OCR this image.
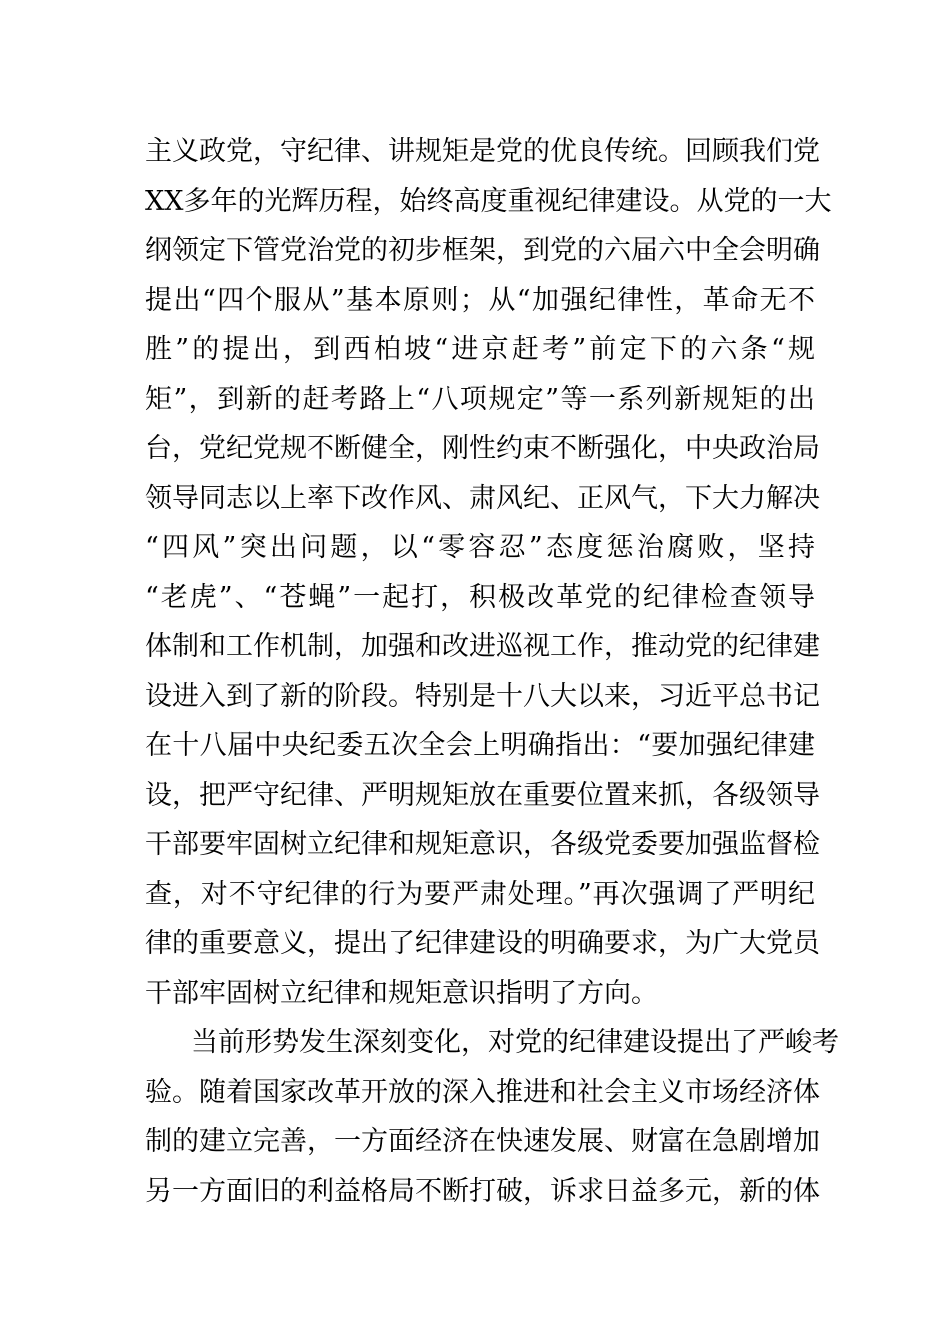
主义政党，守纪律、讲规矩是党的优良传统。回顾我们党
XX多年的光辉历程，始终高度重视纪律建设。从党的一大
纲领定下管党治党的初步框架，到党的六届六中全会明确
提出“四个服从”基本原则；从“加强纪律性，革命无不
胜”的提出，到西柏坡“进京赶考”前定下的六条“规
矩”，到新的赶考路上“八项规定”等一系列新规矩的出
台，党纪党规不断健全，刚性约束不断强化，中央政治局
领导同志以上率下改作风、肃风纪、正风气，下大力解决
“四风”突出问题，以“零容忍”态度惩治腐败，坚持
“老虎”、“苍蝇”一起打，积极改革党的纪律检查领导
体制和工作机制，加强和改进巡视工作，推动党的纪律建
设进入到了新的阶段。特别是十八大以来，习近平总书记
在十八届中央纪委五次全会上明确指出：“要加强纪律建
设，把严守纪律、严明规矩放在重要位置来抓，各级领导
干部要牢固树立纪律和规矩意识，各级党委要加强监督检
查，对不守纪律的行为要严肃处理。”再次强调了严明纪
律的重要意义，提出了纪律建设的明确要求，为广大党员
干部牢固树立纪律和规矩意识指明了方向。
当前形势发生深刻变化，对党的纪律建设提出了严峻考
验。随着国家改革开放的深入推进和社会主义市场经济体
制的建立完善，一方面经济在快速发展、财富在急剧增加
另一方面旧的利益格局不断打破，诉求日益多元，新的体
